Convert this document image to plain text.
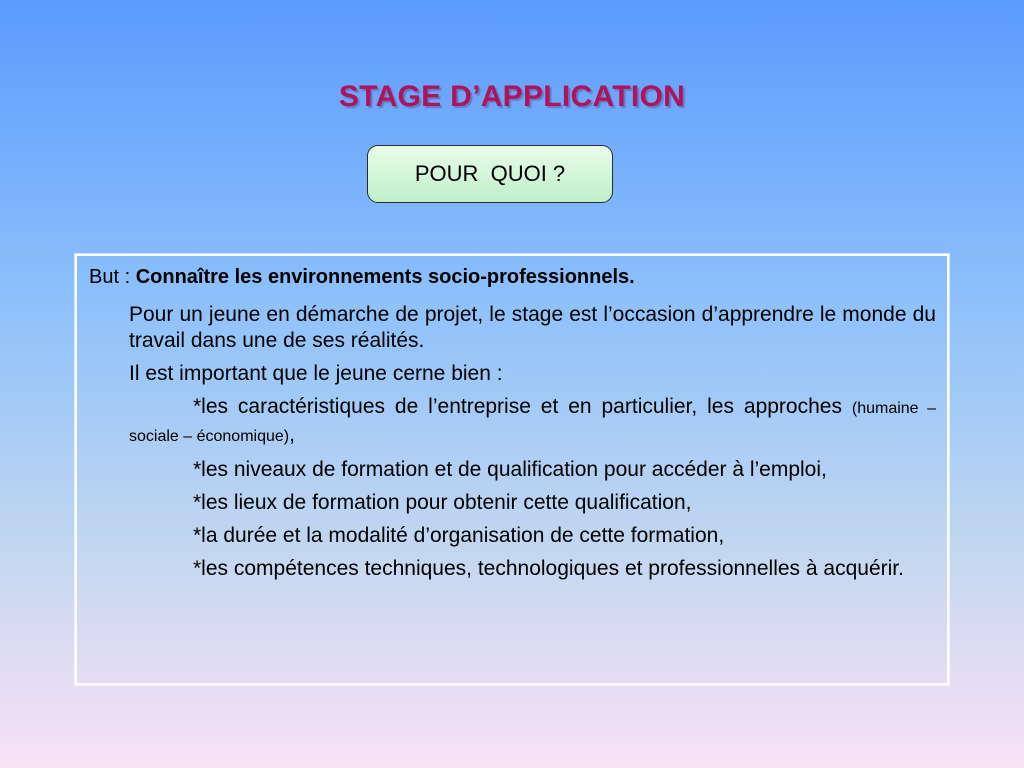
STAGE D’APPLICATION
POUR  QUOI ?
But : Connaître les environnements socio-professionnels.

Pour un jeune en démarche de projet, le stage est l’occasion d’apprendre le monde du travail dans une de ses réalités.

Il est important que le jeune cerne bien :

*les caractéristiques de l’entreprise et en particulier, les approches (humaine – sociale – économique),

*les niveaux de formation et de qualification pour accéder à l’emploi,

*les lieux de formation pour obtenir cette qualification,

*la durée et la modalité d’organisation de cette formation,

*les compétences techniques, technologiques et professionnelles à acquérir.
